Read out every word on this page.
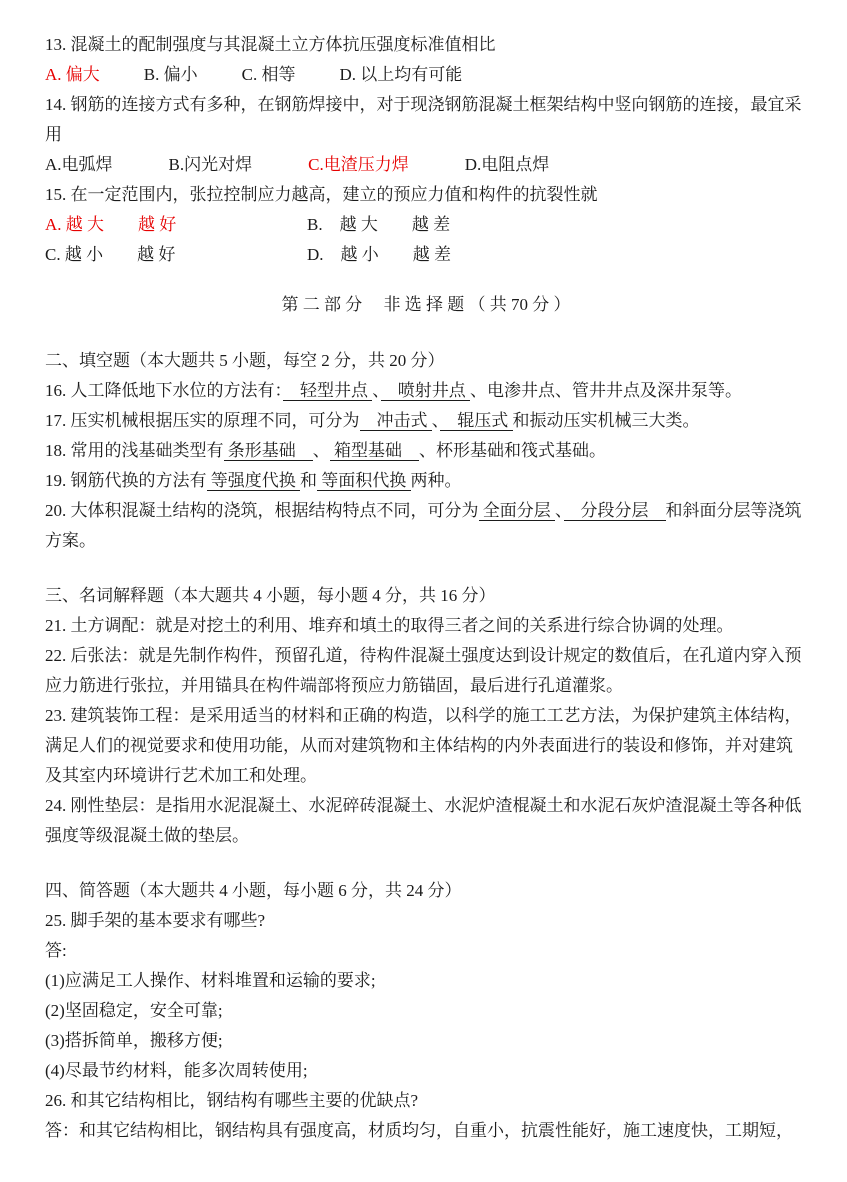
13. 混凝土的配制强度与其混凝土立方体抗压强度标准值相比

A. 偏大	B. 偏小	C. 相等	D. 以上均有可能

14. 钢筋的连接方式有多种，在钢筋焊接中，对于现浇钢筋混凝土框架结构中竖向钢筋的连接，最宜采用

A.电弧焊	B.闪光对焊	C.电渣压力焊	D.电阻点焊

15. 在一定范围内，张拉控制应力越高，建立的预应力值和构件的抗裂性就

A. 越 大　　越 好	B.　越 大　　越 差

C. 越 小　　越 好	D.　越 小　　越 差

第 二 部 分　 非 选 择 题 （ 共 70 分 ）

二、填空题（本大题共 5 小题，每空 2 分，共 20 分）

16. 人工降低地下水位的方法有：　轻型井点 、　喷射井点 、电渗井点、管井井点及深井泵等。

17. 压实机械根据压实的原理不同，可分为　冲击式 、　辊压式 和振动压实机械三大类。

18. 常用的浅基础类型有 条形基础　、 箱型基础　、杯形基础和筏式基础。

19. 钢筋代换的方法有 等强度代换 和 等面积代换 两种。

20. 大体积混凝土结构的浇筑，根据结构特点不同，可分为 全面分层 、　分段分层　和斜面分层等浇筑方案。

三、名词解释题（本大题共 4 小题，每小题 4 分，共 16 分）

21. 土方调配：就是对挖土的利用、堆弃和填土的取得三者之间的关系进行综合协调的处理。

22. 后张法：就是先制作构件，预留孔道，待构件混凝土强度达到设计规定的数值后，在孔道内穿入预应力筋进行张拉，并用锚具在构件端部将预应力筋锚固，最后进行孔道灌浆。

23. 建筑装饰工程：是采用适当的材料和正确的构造，以科学的施工工艺方法，为保护建筑主体结构，满足人们的视觉要求和使用功能，从而对建筑物和主体结构的内外表面进行的装设和修饰，并对建筑及其室内环境讲行艺术加工和处理。

24. 刚性垫层：是指用水泥混凝土、水泥碎砖混凝土、水泥炉渣棍凝土和水泥石灰炉渣混凝土等各种低强度等级混凝土做的垫层。

四、简答题（本大题共 4 小题，每小题 6 分，共 24 分）

25. 脚手架的基本要求有哪些?

答:

(1)应满足工人操作、材料堆置和运输的要求;

(2)坚固稳定，安全可靠;

(3)搭拆简单，搬移方便;

(4)尽最节约材料，能多次周转使用;

26. 和其它结构相比，钢结构有哪些主要的优缺点?

答：和其它结构相比，钢结构具有强度高，材质均匀，自重小，抗震性能好，施工速度快，工期短，
